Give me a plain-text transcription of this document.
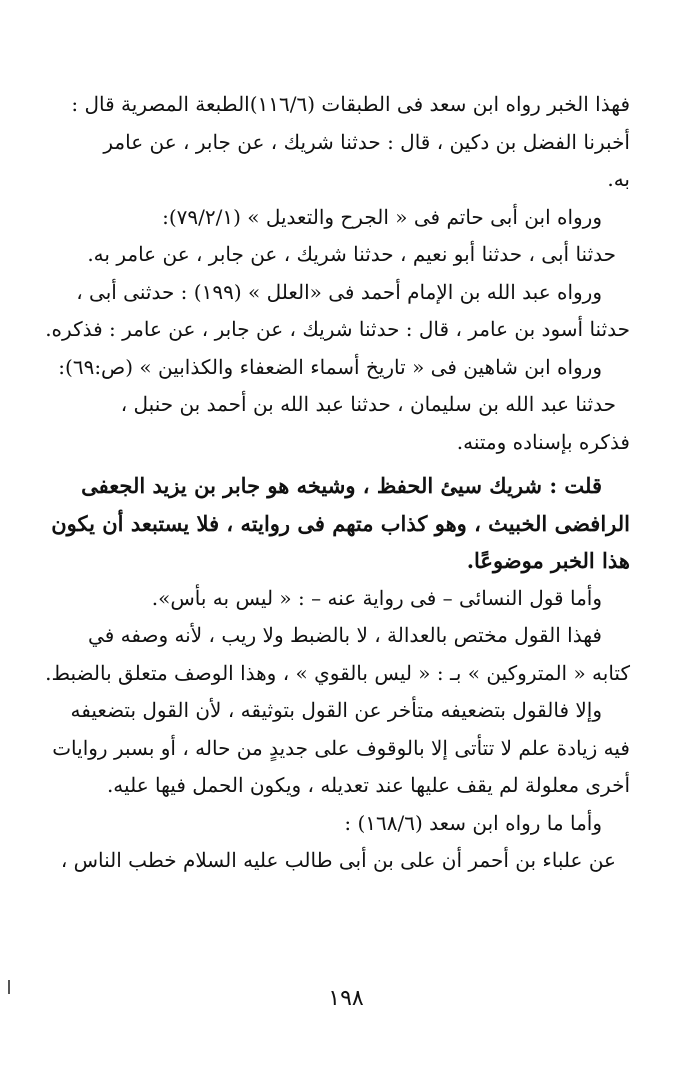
فهذا الخبر رواه ابن سعد فى الطبقات (١١٦/٦)الطبعة المصرية قال :
أخبرنا الفضل بن دكين ، قال : حدثنا شريك ، عن جابر ، عن عامر
به.
ورواه ابن أبى حاتم فى « الجرح والتعديل » (٧٩/٢/١):
حدثنا أبى ، حدثنا أبو نعيم ، حدثنا شريك ، عن جابر ، عن عامر به.
ورواه عبد الله بن الإمام أحمد فى «العلل » (١٩٩) : حدثنى أبى ،
حدثنا أسود بن عامر ، قال : حدثنا شريك ، عن جابر ، عن عامر : فذكره.
ورواه ابن شاهين فى « تاريخ أسماء الضعفاء والكذابين » (ص:٦٩):
حدثنا عبد الله بن سليمان ، حدثنا عبد الله بن أحمد بن حنبل ،
فذكره بإسناده ومتنه.
قلت : شريك سيئ الحفظ ، وشيخه هو جابر بن يزيد الجعفى
الرافضى الخبيث ، وهو كذاب متهم فى روايته ، فلا يستبعد أن يكون
هذا الخبر موضوعًا.
وأما قول النسائى – فى رواية عنه – : « ليس به بأس».
فهذا القول مختص بالعدالة ، لا بالضبط ولا ريب ، لأنه وصفه في
كتابه « المتروكين » بـ : « ليس بالقوي » ، وهذا الوصف متعلق بالضبط.
وإلا فالقول بتضعيفه متأخر عن القول بتوثيقه ، لأن القول بتضعيفه
فيه زيادة علم لا تتأتى إلا بالوقوف على جديدٍ من حاله ، أو بسبر روايات
أخرى معلولة لم يقف عليها عند تعديله ، ويكون الحمل فيها عليه.
وأما ما رواه ابن سعد (١٦٨/٦) :
عن علباء بن أحمر أن على بن أبى طالب عليه السلام خطب الناس ،
١٩٨
